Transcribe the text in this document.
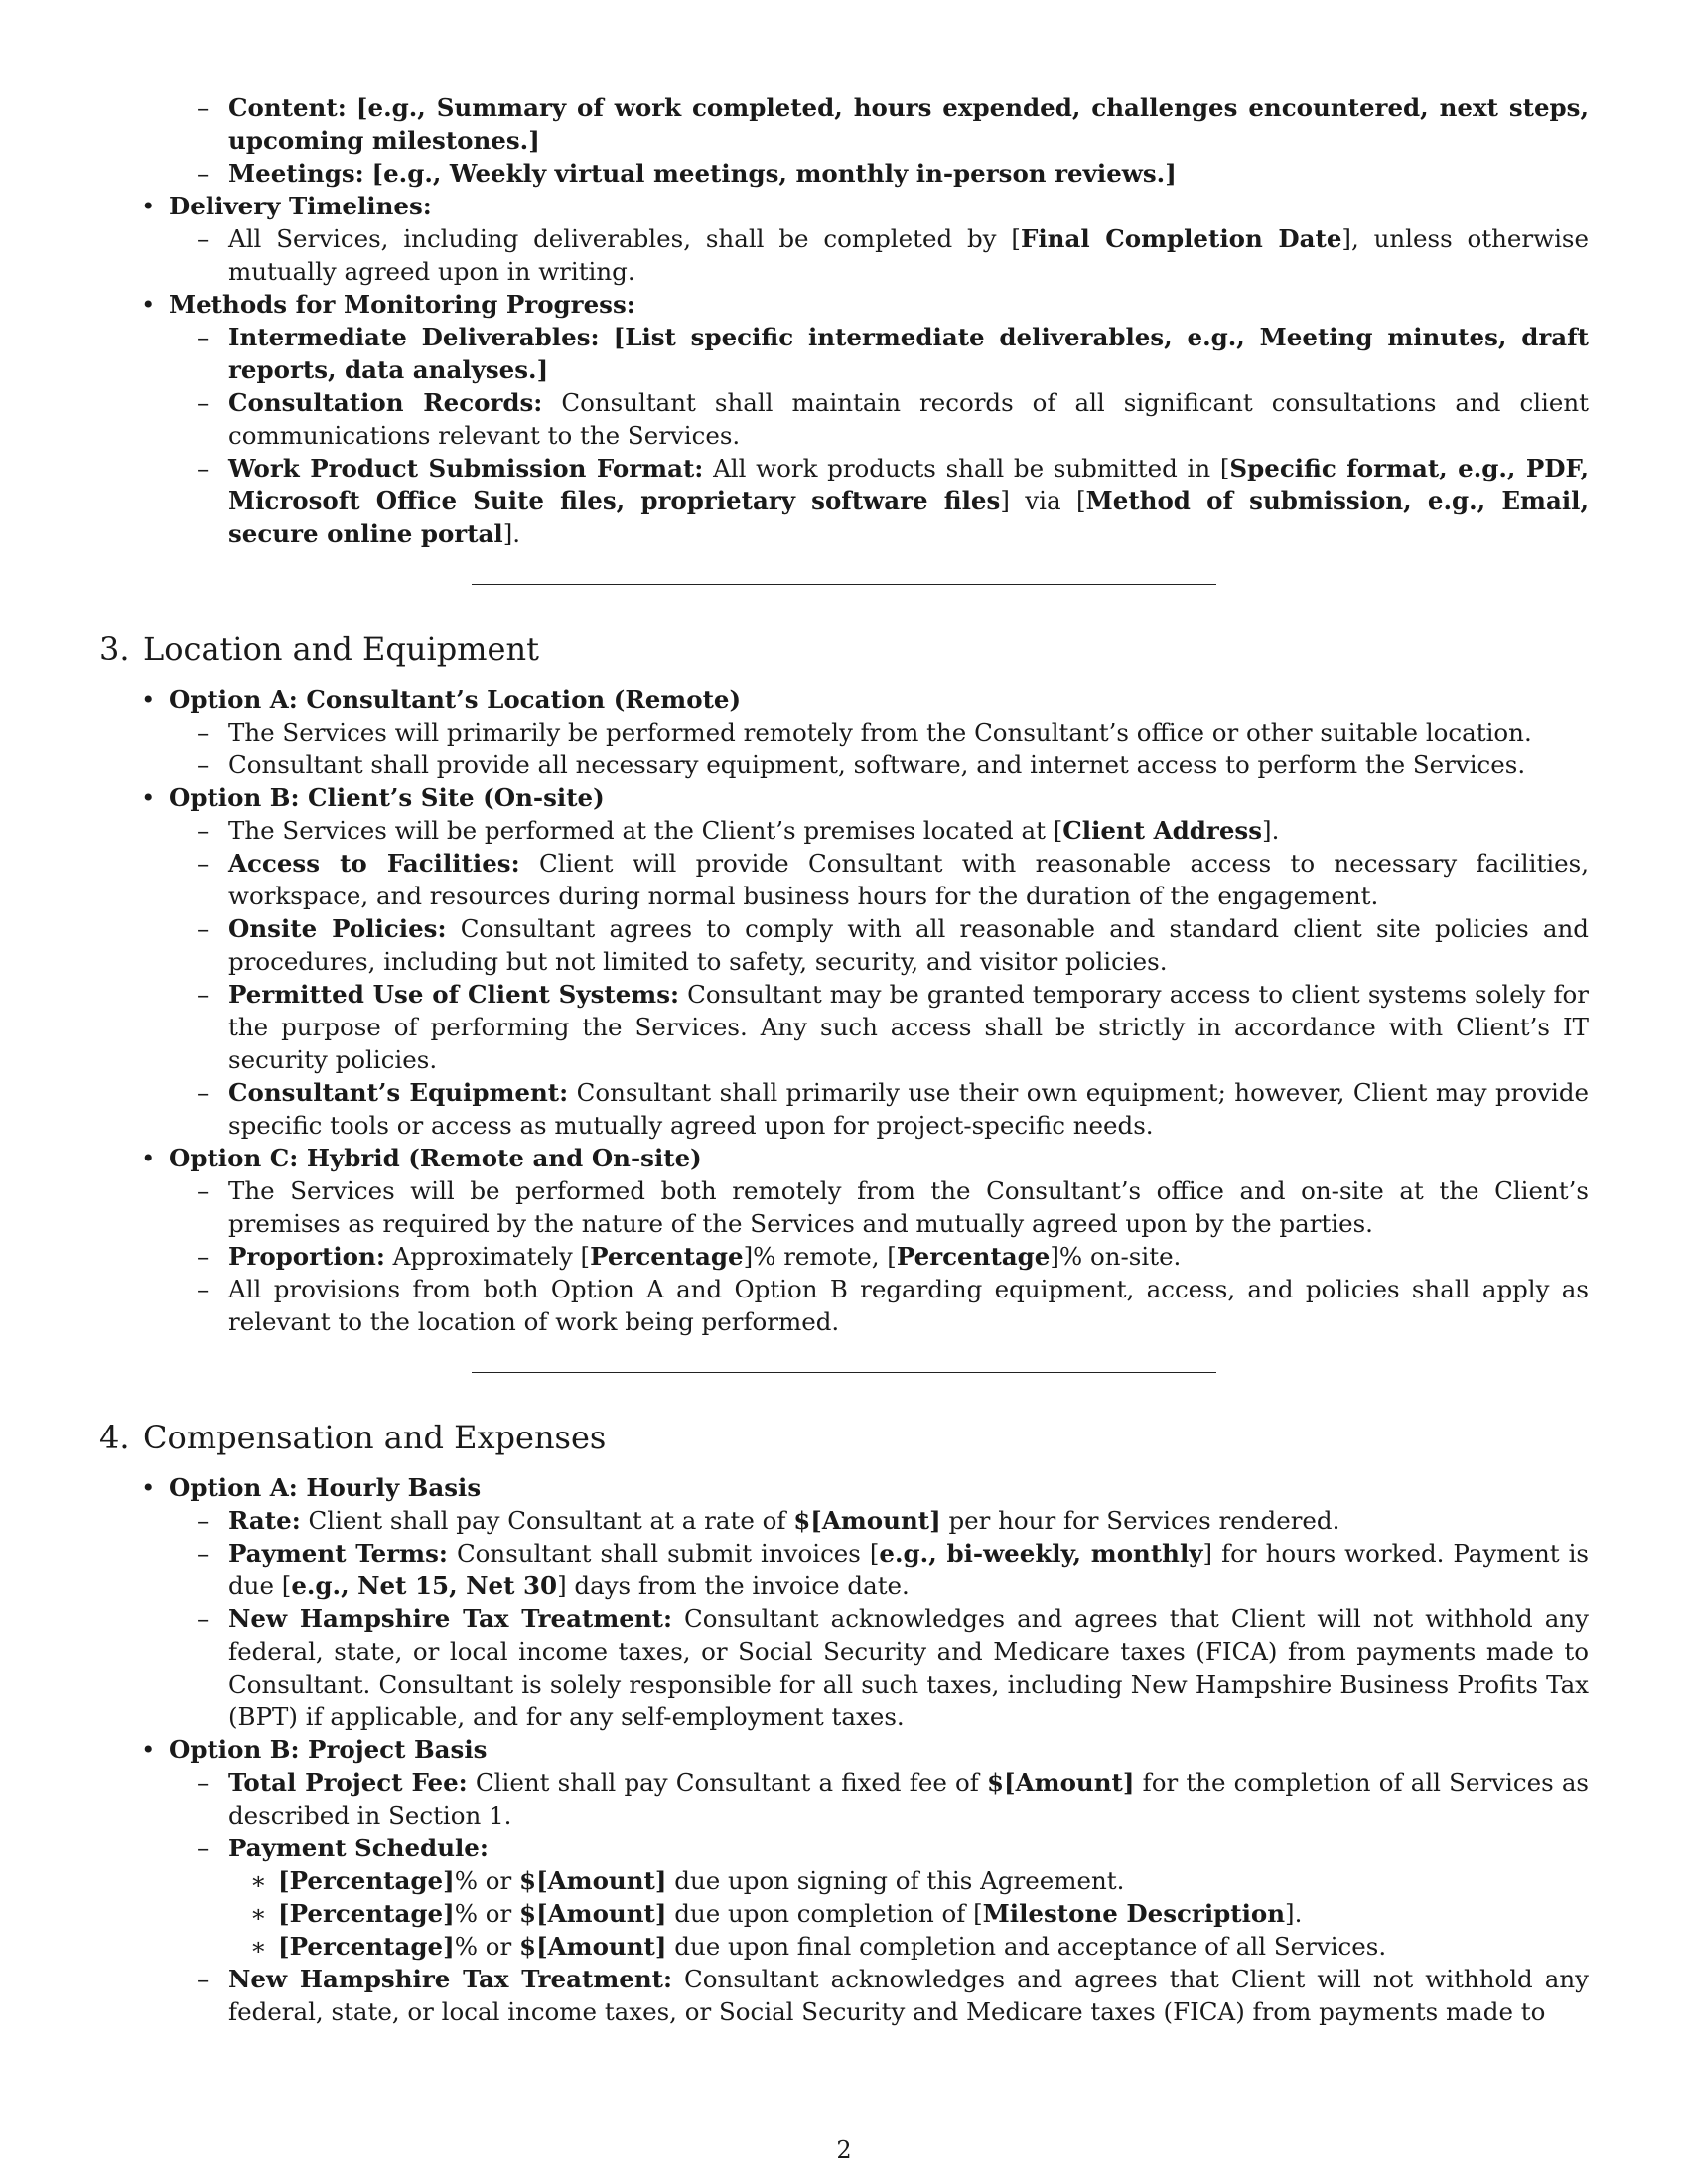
– Content: [e.g., Summary of work completed, hours expended, challenges encountered, next steps, upcoming milestones.]
– Meetings: [e.g., Weekly virtual meetings, monthly in-person reviews.]
• Delivery Timelines:
– All Services, including deliverables, shall be completed by [Final Completion Date], unless otherwise mutually agreed upon in writing.
• Methods for Monitoring Progress:
– Intermediate Deliverables: [List specific intermediate deliverables, e.g., Meeting minutes, draft reports, data analyses.]
– Consultation Records: Consultant shall maintain records of all significant consultations and client communications relevant to the Services.
– Work Product Submission Format: All work products shall be submitted in [Specific format, e.g., PDF, Microsoft Office Suite files, proprietary software files] via [Method of submission, e.g., Email, secure online portal].
3. Location and Equipment
• Option A: Consultant’s Location (Remote)
– The Services will primarily be performed remotely from the Consultant’s office or other suitable location.
– Consultant shall provide all necessary equipment, software, and internet access to perform the Services.
• Option B: Client’s Site (On-site)
– The Services will be performed at the Client’s premises located at [Client Address].
– Access to Facilities: Client will provide Consultant with reasonable access to necessary facilities, workspace, and resources during normal business hours for the duration of the engagement.
– Onsite Policies: Consultant agrees to comply with all reasonable and standard client site policies and procedures, including but not limited to safety, security, and visitor policies.
– Permitted Use of Client Systems: Consultant may be granted temporary access to client systems solely for the purpose of performing the Services. Any such access shall be strictly in accordance with Client’s IT security policies.
– Consultant’s Equipment: Consultant shall primarily use their own equipment; however, Client may provide specific tools or access as mutually agreed upon for project-specific needs.
• Option C: Hybrid (Remote and On-site)
– The Services will be performed both remotely from the Consultant’s office and on-site at the Client’s premises as required by the nature of the Services and mutually agreed upon by the parties.
– Proportion: Approximately [Percentage]% remote, [Percentage]% on-site.
– All provisions from both Option A and Option B regarding equipment, access, and policies shall apply as relevant to the location of work being performed.
4. Compensation and Expenses
• Option A: Hourly Basis
– Rate: Client shall pay Consultant at a rate of $[Amount] per hour for Services rendered.
– Payment Terms: Consultant shall submit invoices [e.g., bi-weekly, monthly] for hours worked. Payment is due [e.g., Net 15, Net 30] days from the invoice date.
– New Hampshire Tax Treatment: Consultant acknowledges and agrees that Client will not withhold any federal, state, or local income taxes, or Social Security and Medicare taxes (FICA) from payments made to Consultant. Consultant is solely responsible for all such taxes, including New Hampshire Business Profits Tax (BPT) if applicable, and for any self-employment taxes.
• Option B: Project Basis
– Total Project Fee: Client shall pay Consultant a fixed fee of $[Amount] for the completion of all Services as described in Section 1.
– Payment Schedule:
∗ [Percentage]% or $[Amount] due upon signing of this Agreement.
∗ [Percentage]% or $[Amount] due upon completion of [Milestone Description].
∗ [Percentage]% or $[Amount] due upon final completion and acceptance of all Services.
– New Hampshire Tax Treatment: Consultant acknowledges and agrees that Client will not withhold any federal, state, or local income taxes, or Social Security and Medicare taxes (FICA) from payments made to
2
